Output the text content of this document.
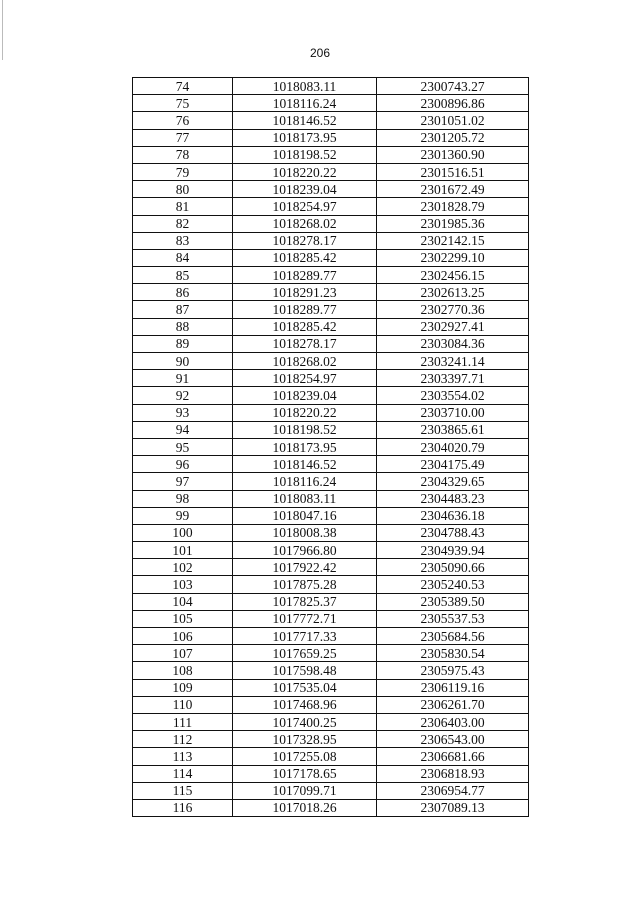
206
74	1018083.11	2300743.27
75	1018116.24	2300896.86
76	1018146.52	2301051.02
77	1018173.95	2301205.72
78	1018198.52	2301360.90
79	1018220.22	2301516.51
80	1018239.04	2301672.49
81	1018254.97	2301828.79
82	1018268.02	2301985.36
83	1018278.17	2302142.15
84	1018285.42	2302299.10
85	1018289.77	2302456.15
86	1018291.23	2302613.25
87	1018289.77	2302770.36
88	1018285.42	2302927.41
89	1018278.17	2303084.36
90	1018268.02	2303241.14
91	1018254.97	2303397.71
92	1018239.04	2303554.02
93	1018220.22	2303710.00
94	1018198.52	2303865.61
95	1018173.95	2304020.79
96	1018146.52	2304175.49
97	1018116.24	2304329.65
98	1018083.11	2304483.23
99	1018047.16	2304636.18
100	1018008.38	2304788.43
101	1017966.80	2304939.94
102	1017922.42	2305090.66
103	1017875.28	2305240.53
104	1017825.37	2305389.50
105	1017772.71	2305537.53
106	1017717.33	2305684.56
107	1017659.25	2305830.54
108	1017598.48	2305975.43
109	1017535.04	2306119.16
110	1017468.96	2306261.70
111	1017400.25	2306403.00
112	1017328.95	2306543.00
113	1017255.08	2306681.66
114	1017178.65	2306818.93
115	1017099.71	2306954.77
116	1017018.26	2307089.13
